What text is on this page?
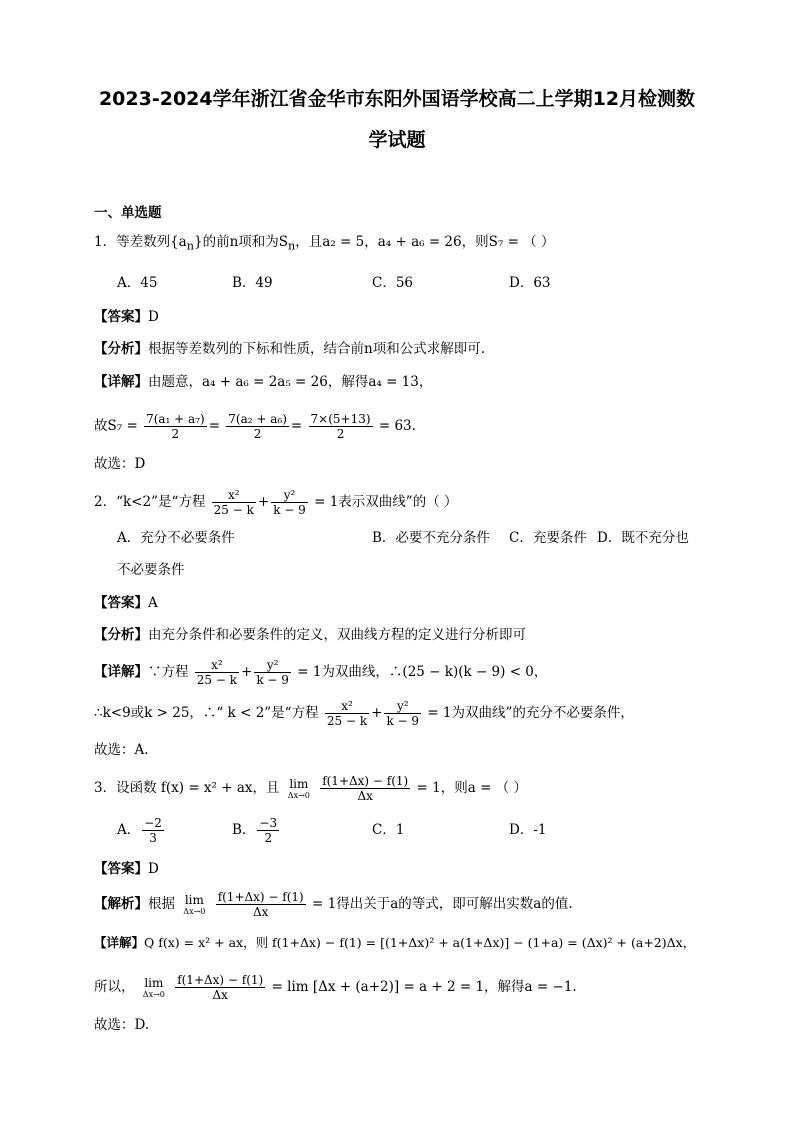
2023-2024学年浙江省金华市东阳外国语学校高二上学期12月检测数
学试题
一、单选题
1．等差数列$\{a_n\}$的前n项和为$S_n$，且a₂ = 5，a₄ + a₆ = 26，则S₇ = （ ）
A．45	B．49	C．56	D．63
【答案】D
【分析】根据等差数列的下标和性质，结合前n项和公式求解即可.
【详解】由题意，a₄ + a₆ = 2a₅ = 26，解得a₄ = 13，
故$S_7 = \frac{\text{7(a₁ + a₇)}}{2} = \frac{\text{7(a₂ + a₆)}}{2} = \frac{7\times(5+13)}{2} = 63$.
故选：D
2．“k<2”是“方程 $\frac{\text{x²}}{25 - k} + \frac{\text{y²}}{k - 9} = 1$表示双曲线”的（ ）
A．充分不必要条件	B．必要不充分条件 C．充要条件 D．既不充分也
不必要条件
【答案】A
【分析】由充分条件和必要条件的定义，双曲线方程的定义进行分析即可
【详解】∵方程 $\frac{\text{x²}}{25 - k} + \frac{\text{y²}}{k - 9} = 1$为双曲线，∴(25 − k)(k − 9) < 0，
∴k<9或k > 25，∴“ k < 2”是“方程 $\frac{\text{x²}}{25 - k} + \frac{\text{y²}}{k - 9} = 1$为双曲线”的充分不必要条件，
故选：A.
3．设函数 f(x) = x² + ax，且 lim
Δx→0
$\frac{f(1+\Delta x) - f(1)}{\Delta x} = 1$，则a = （ ）
A． $\frac{-2}{3}$	B． $\frac{-3}{2}$	C．1	D．-1
【答案】D
【解析】根据 lim
Δx→0
$\frac{f(1+\Delta x) - f(1)}{\Delta x} = 1$得出关于a的等式，即可解出实数a的值.
【详解】Q f(x) = x² + ax，则 f(1+Δx) − f(1) = [(1+Δx)² + a(1+Δx)] − (1+a) = (Δx)² + (a+2)Δx，
所以， lim
Δx→0
$\frac{f(1+\Delta x) - f(1)}{\Delta x} = \lim [\Delta x + (a+2)] = a + 2 = 1$，解得a = −1.
故选：D.
